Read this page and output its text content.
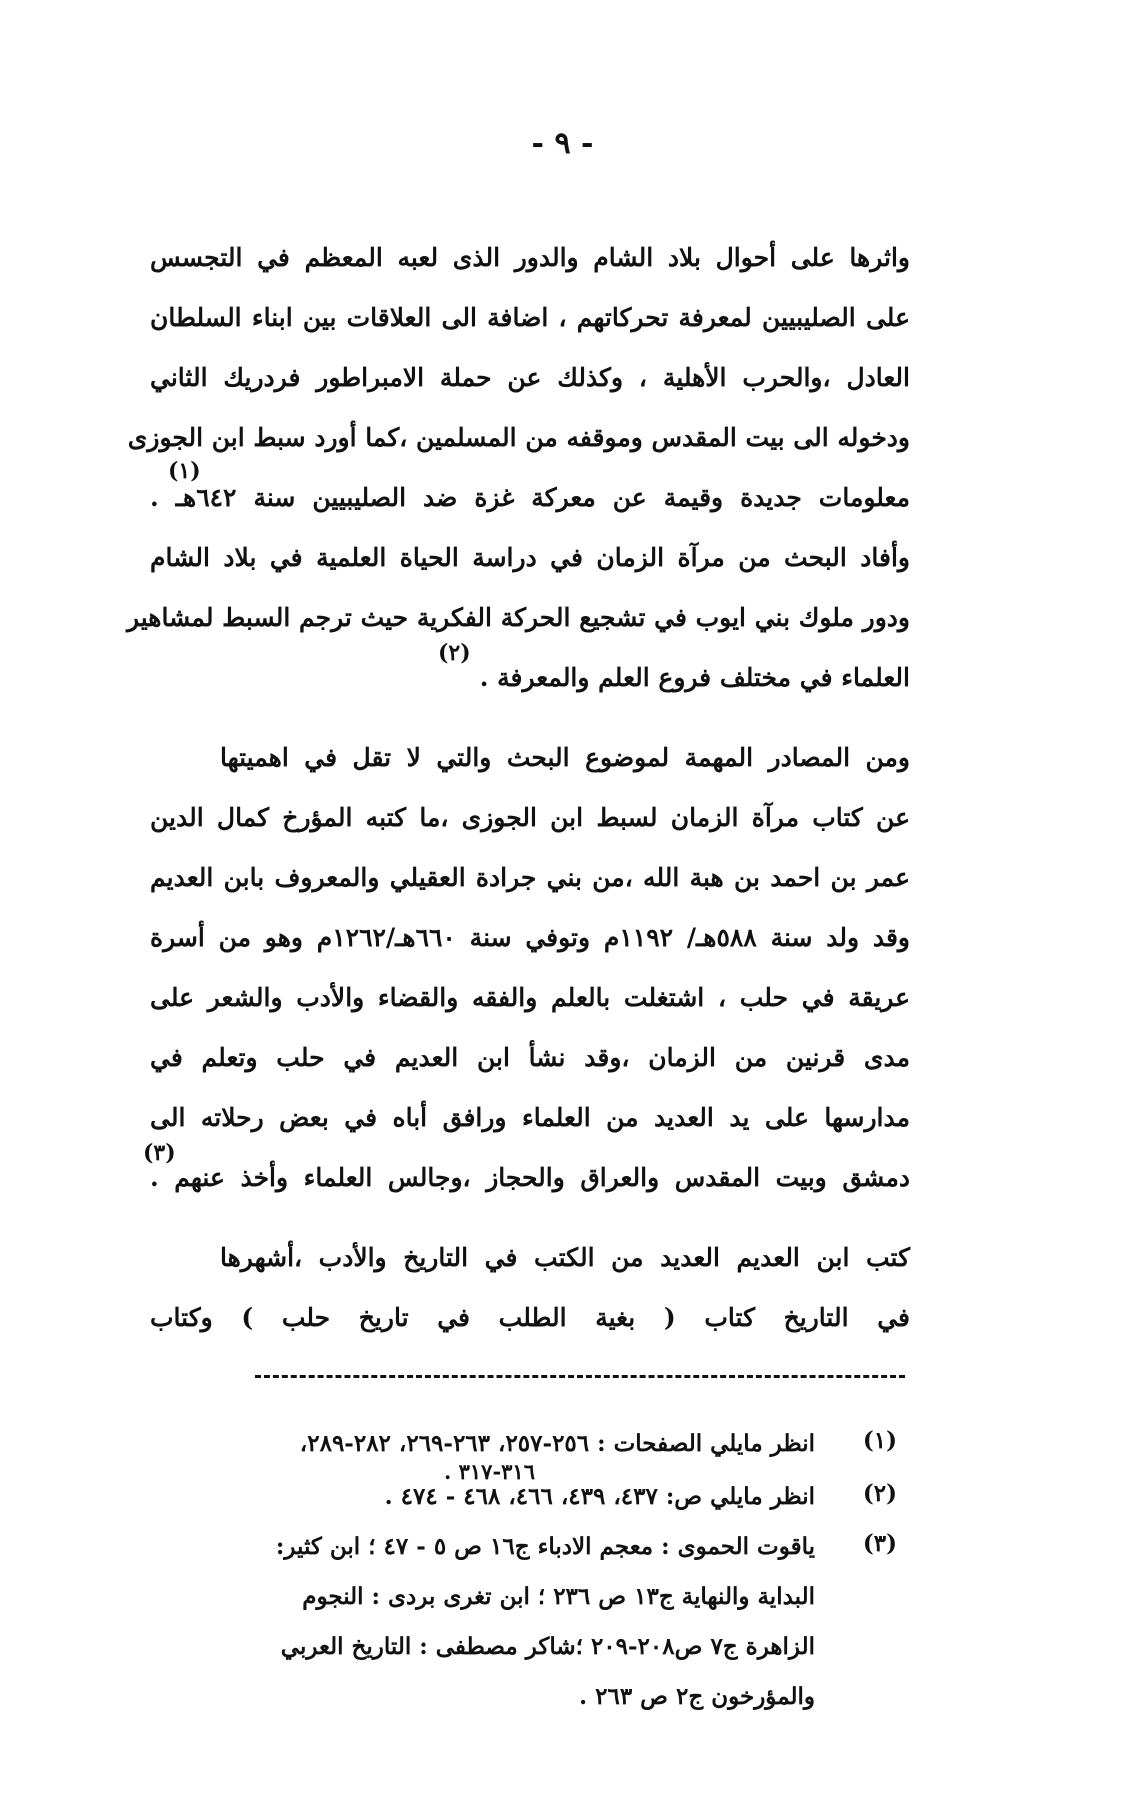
- ٩ -
واثرها على أحوال بلاد الشام والدور الذى لعبه المعظم في التجسس
على الصليبيين لمعرفة تحركاتهم ، اضافة الى العلاقات بين ابناء السلطان
العادل ،والحرب الأهلية ، وكذلك عن حملة الامبراطور فردريك الثاني
ودخوله الى بيت المقدس وموقفه من المسلمين ،كما أورد سبط ابن الجوزى
معلومات جديدة وقيمة عن معركة غزة ضد الصليبيين سنة ٦٤٢هـ .
(١)
وأفاد البحث من مرآة الزمان في دراسة الحياة العلمية في بلاد الشام
ودور ملوك بني ايوب في تشجيع الحركة الفكرية حيث ترجم السبط لمشاهير
العلماء في مختلف فروع العلم والمعرفة .
(٢)
ومن المصادر المهمة لموضوع البحث والتي لا تقل في اهميتها
عن كتاب مرآة الزمان لسبط ابن الجوزى ،ما كتبه المؤرخ كمال الدين
عمر بن احمد بن هبة الله ،من بني جرادة العقيلي والمعروف بابن العديم
وقد ولد سنة ٥٨٨هـ/ ١١٩٢م وتوفي سنة ٦٦٠هـ/١٢٦٢م وهو من أسرة
عريقة في حلب ، اشتغلت بالعلم والفقه والقضاء والأدب والشعر على
مدى قرنين من الزمان ،وقد نشأ ابن العديم في حلب وتعلم في
مدارسها على يد العديد من العلماء ورافق أباه في بعض رحلاته الى
دمشق وبيت المقدس والعراق والحجاز ،وجالس العلماء وأخذ عنهم .
(٣)
كتب ابن العديم العديد من الكتب في التاريخ والأدب ،أشهرها
في التاريخ كتاب ( بغية الطلب في تاريخ حلب ) وكتاب
(١)
انظر مايلي الصفحات : ٢٥٦-٢٥٧، ٢٦٣-٢٦٩، ٢٨٢-٢٨٩،
٣١٦-٣١٧ .
(٢)
انظر مايلي ص: ٤٣٧، ٤٣٩، ٤٦٦، ٤٦٨ - ٤٧٤ .
(٣)
ياقوت الحموى : معجم الادباء ج١٦ ص ٥ - ٤٧ ؛ ابن كثير:
البداية والنهاية ج١٣ ص ٢٣٦ ؛ ابن تغرى بردى : النجوم
الزاهرة ج٧ ص٢٠٨-٢٠٩ ؛شاكر مصطفى : التاريخ العربي
والمؤرخون ج٢ ص ٢٦٣ .
